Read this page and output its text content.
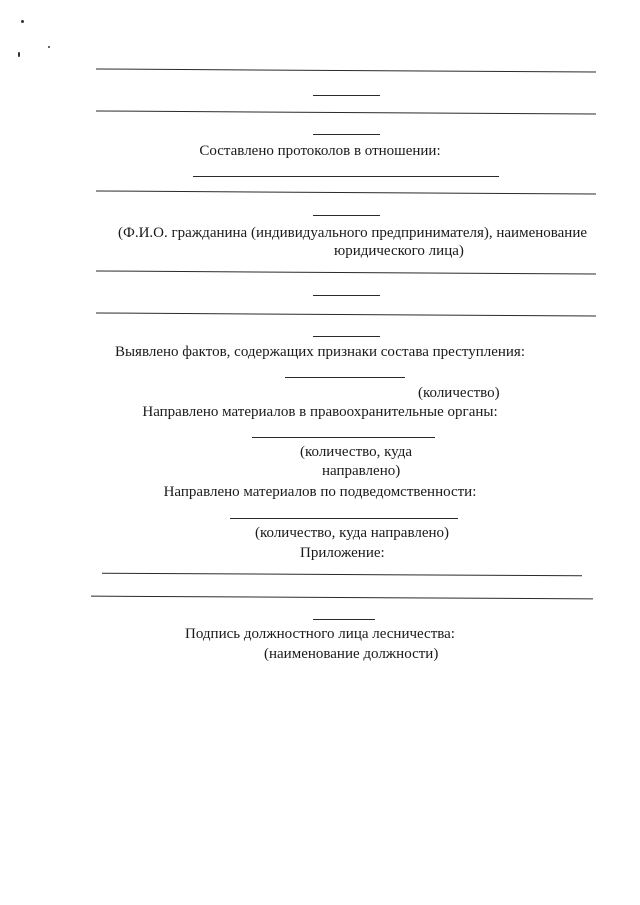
Составлено протоколов в отношении:
(Ф.И.О. гражданина (индивидуального предпринимателя), наименование
юридического лица)
Выявлено фактов, содержащих признаки состава преступления:
(количество)
Направлено материалов в правоохранительные органы:
(количество, куда
направлено)
Направлено материалов по подведомственности:
(количество, куда направлено)
Приложение:
Подпись должностного лица лесничества:
(наименование должности)
